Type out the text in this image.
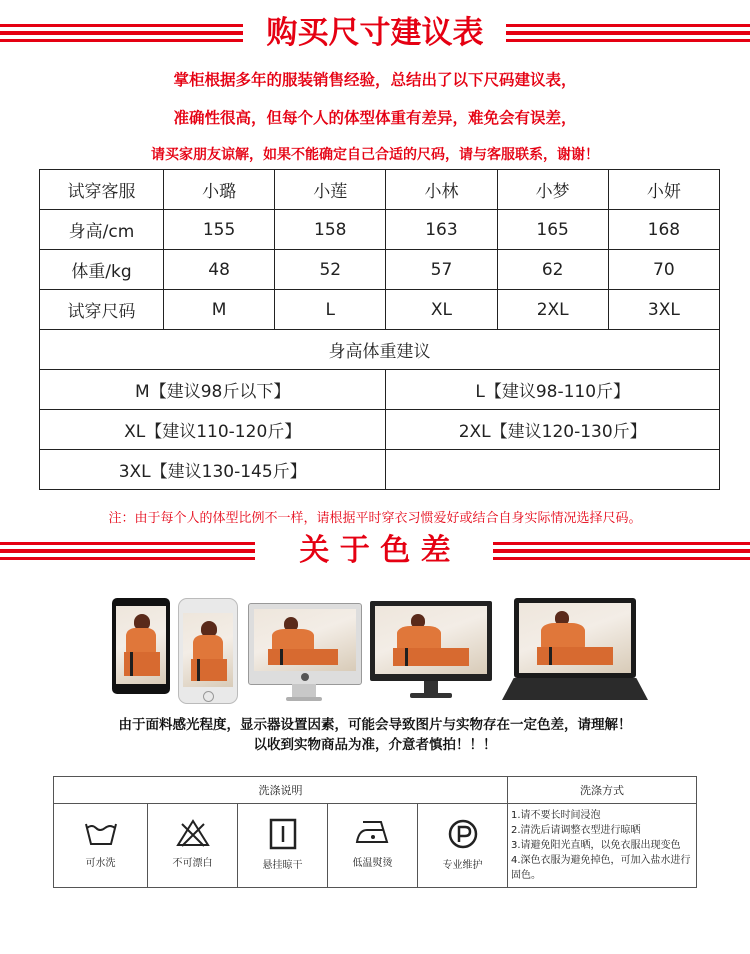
购买尺寸建议表
掌柜根据多年的服装销售经验，总结出了以下尺码建议表，
准确性很高，但每个人的体型体重有差异，难免会有误差，
请买家朋友谅解，如果不能确定自己合适的尺码，请与客服联系，谢谢！
试穿客服	小璐	小莲	小林	小梦	小妍
身高/cm	155	158	163	165	168
体重/kg	48	52	57	62	70
试穿尺码	M	L	XL	2XL	3XL
身高体重建议					
M【建议98斤以下】			L【建议98-110斤】		
XL【建议110-120斤】			2XL【建议120-130斤】		
3XL【建议130-145斤】					
注：由于每个人的体型比例不一样，请根据平时穿衣习惯爱好或结合自身实际情况选择尺码。
关 于 色 差
由于面料感光程度，显示器设置因素，可能会导致图片与实物存在一定色差，请理解！
以收到实物商品为准，介意者慎拍！！！
洗涤说明					洗涤方式

可水洗	不可漂白	悬挂晾干	低温熨烫	专业维护	1.请不要长时间浸泡
2.清洗后请调整衣型进行晾晒
3.请避免阳光直晒，以免衣服出现变色
4.深色衣服为避免掉色，可加入盐水进行固色。
